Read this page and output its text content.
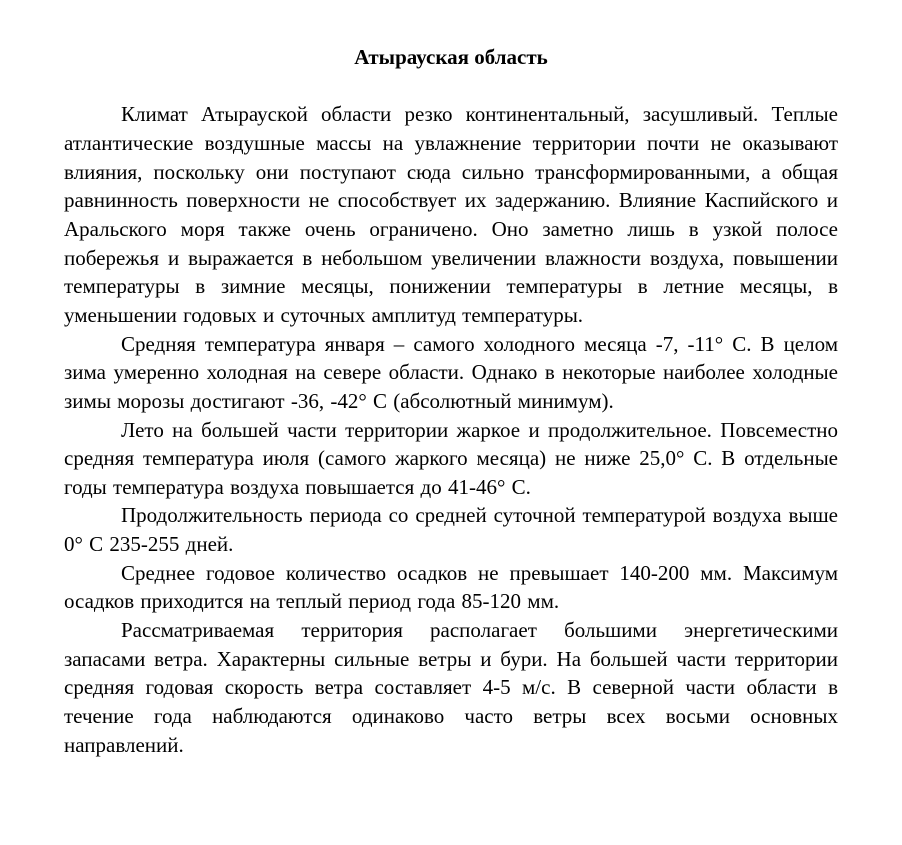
Атырауская область

Климат Атырауской области резко континентальный, засушливый. Теплые атлантические воздушные массы на увлажнение территории почти не оказывают влияния, поскольку они поступают сюда сильно трансформированными, а общая равнинность поверхности не способствует их задержанию. Влияние Каспийского и Аральского моря также очень ограничено. Оно заметно лишь в узкой полосе побережья и выражается в небольшом увеличении влажности воздуха, повышении температуры в зимние месяцы, понижении температуры в летние месяцы, в уменьшении годовых и суточных амплитуд температуры.

Средняя температура января – самого холодного месяца -7, -11° С. В целом зима умеренно холодная на севере области. Однако в некоторые наиболее холодные зимы морозы достигают -36, -42° С (абсолютный минимум).

Лето на большей части территории жаркое и продолжительное. Повсеместно средняя температура июля (самого жаркого месяца) не ниже 25,0° С. В отдельные годы температура воздуха повышается до 41-46° С.

Продолжительность периода со средней суточной температурой воздуха выше 0° С 235-255 дней.

Среднее годовое количество осадков не превышает 140-200 мм. Максимум осадков приходится на теплый период года 85-120 мм.

Рассматриваемая территория располагает большими энергетическими запасами ветра. Характерны сильные ветры и бури. На большей части территории средняя годовая скорость ветра составляет 4-5 м/с. В северной части области в течение года наблюдаются одинаково часто ветры всех восьми основных направлений.
